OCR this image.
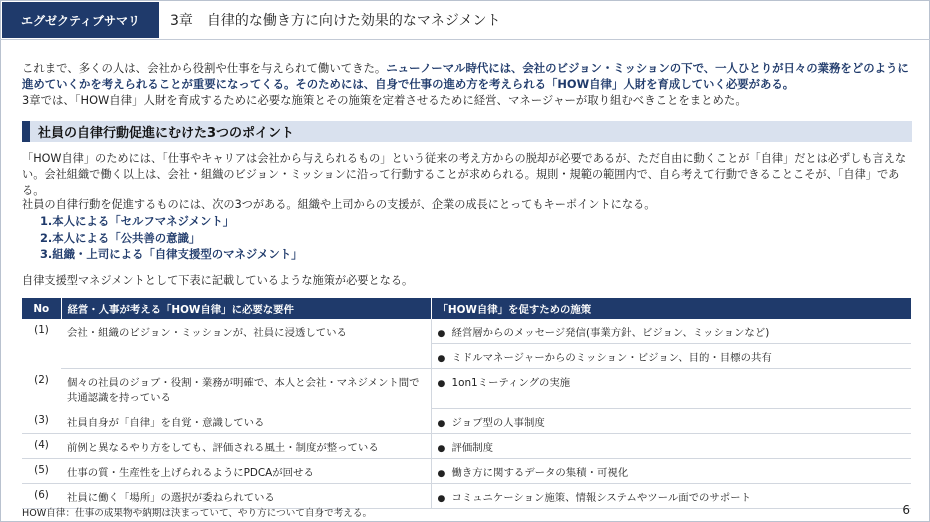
エグゼクティブサマリ	3章　自律的な働き方に向けた効果的なマネジメント
これまで、多くの人は、会社から役割や仕事を与えられて働いてきた。ニューノーマル時代には、会社のビジョン・ミッションの下で、一人ひとりが日々の業務をどのように進めていくかを考えられることが重要になってくる。そのためには、自身で仕事の進め方を考えられる「HOW自律」人財を育成していく必要がある。
3章では、「HOW自律」人財を育成するために必要な施策とその施策を定着させるために経営、マネージャーが取り組むべきことをまとめた。
社員の自律行動促進にむけた3つのポイント
「HOW自律」のためには、「仕事やキャリアは会社から与えられるもの」という従来の考え方からの脱却が必要であるが、ただ自由に動くことが「自律」だとは必ずしも言えない。会社組織で働く以上は、会社・組織のビジョン・ミッションに沿って行動することが求められる。規則・規範の範囲内で、自ら考えて行動できることこそが、「自律」である。
社員の自律行動を促進するものには、次の3つがある。組織や上司からの支援が、企業の成長にとってもキーポイントになる。
1.本人による「セルフマネジメント」
2.本人による「公共善の意識」
3.組織・上司による「自律支援型のマネジメント」
自律支援型マネジメントとして下表に記載しているような施策が必要となる。
No	経営・人事が考える「HOW自律」に必要な要件	「HOW自律」を促すための施策
(1)	会社・組織のビジョン・ミッションが、社員に浸透している	● 経営層からのメッセージ発信(事業方針、ビジョン、ミッションなど)
		● ミドルマネージャーからのミッション・ビジョン、目的・目標の共有
(2)	個々の社員のジョブ・役割・業務が明確で、本人と会社・マネジメント間で共通認識を持っている	● 1on1ミーティングの実施
(3)	社員自身が「自律」を自覚・意識している	● ジョブ型の人事制度
(4)	前例と異なるやり方をしても、評価される風土・制度が整っている	● 評価制度
(5)	仕事の質・生産性を上げられるようにPDCAが回せる	● 働き方に関するデータの集積・可視化
(6)	社員に働く「場所」の選択が委ねられている	● コミュニケーション施策、情報システムやツール面でのサポート
HOW自律：仕事の成果物や納期は決まっていて、やり方について自身で考える。	6
